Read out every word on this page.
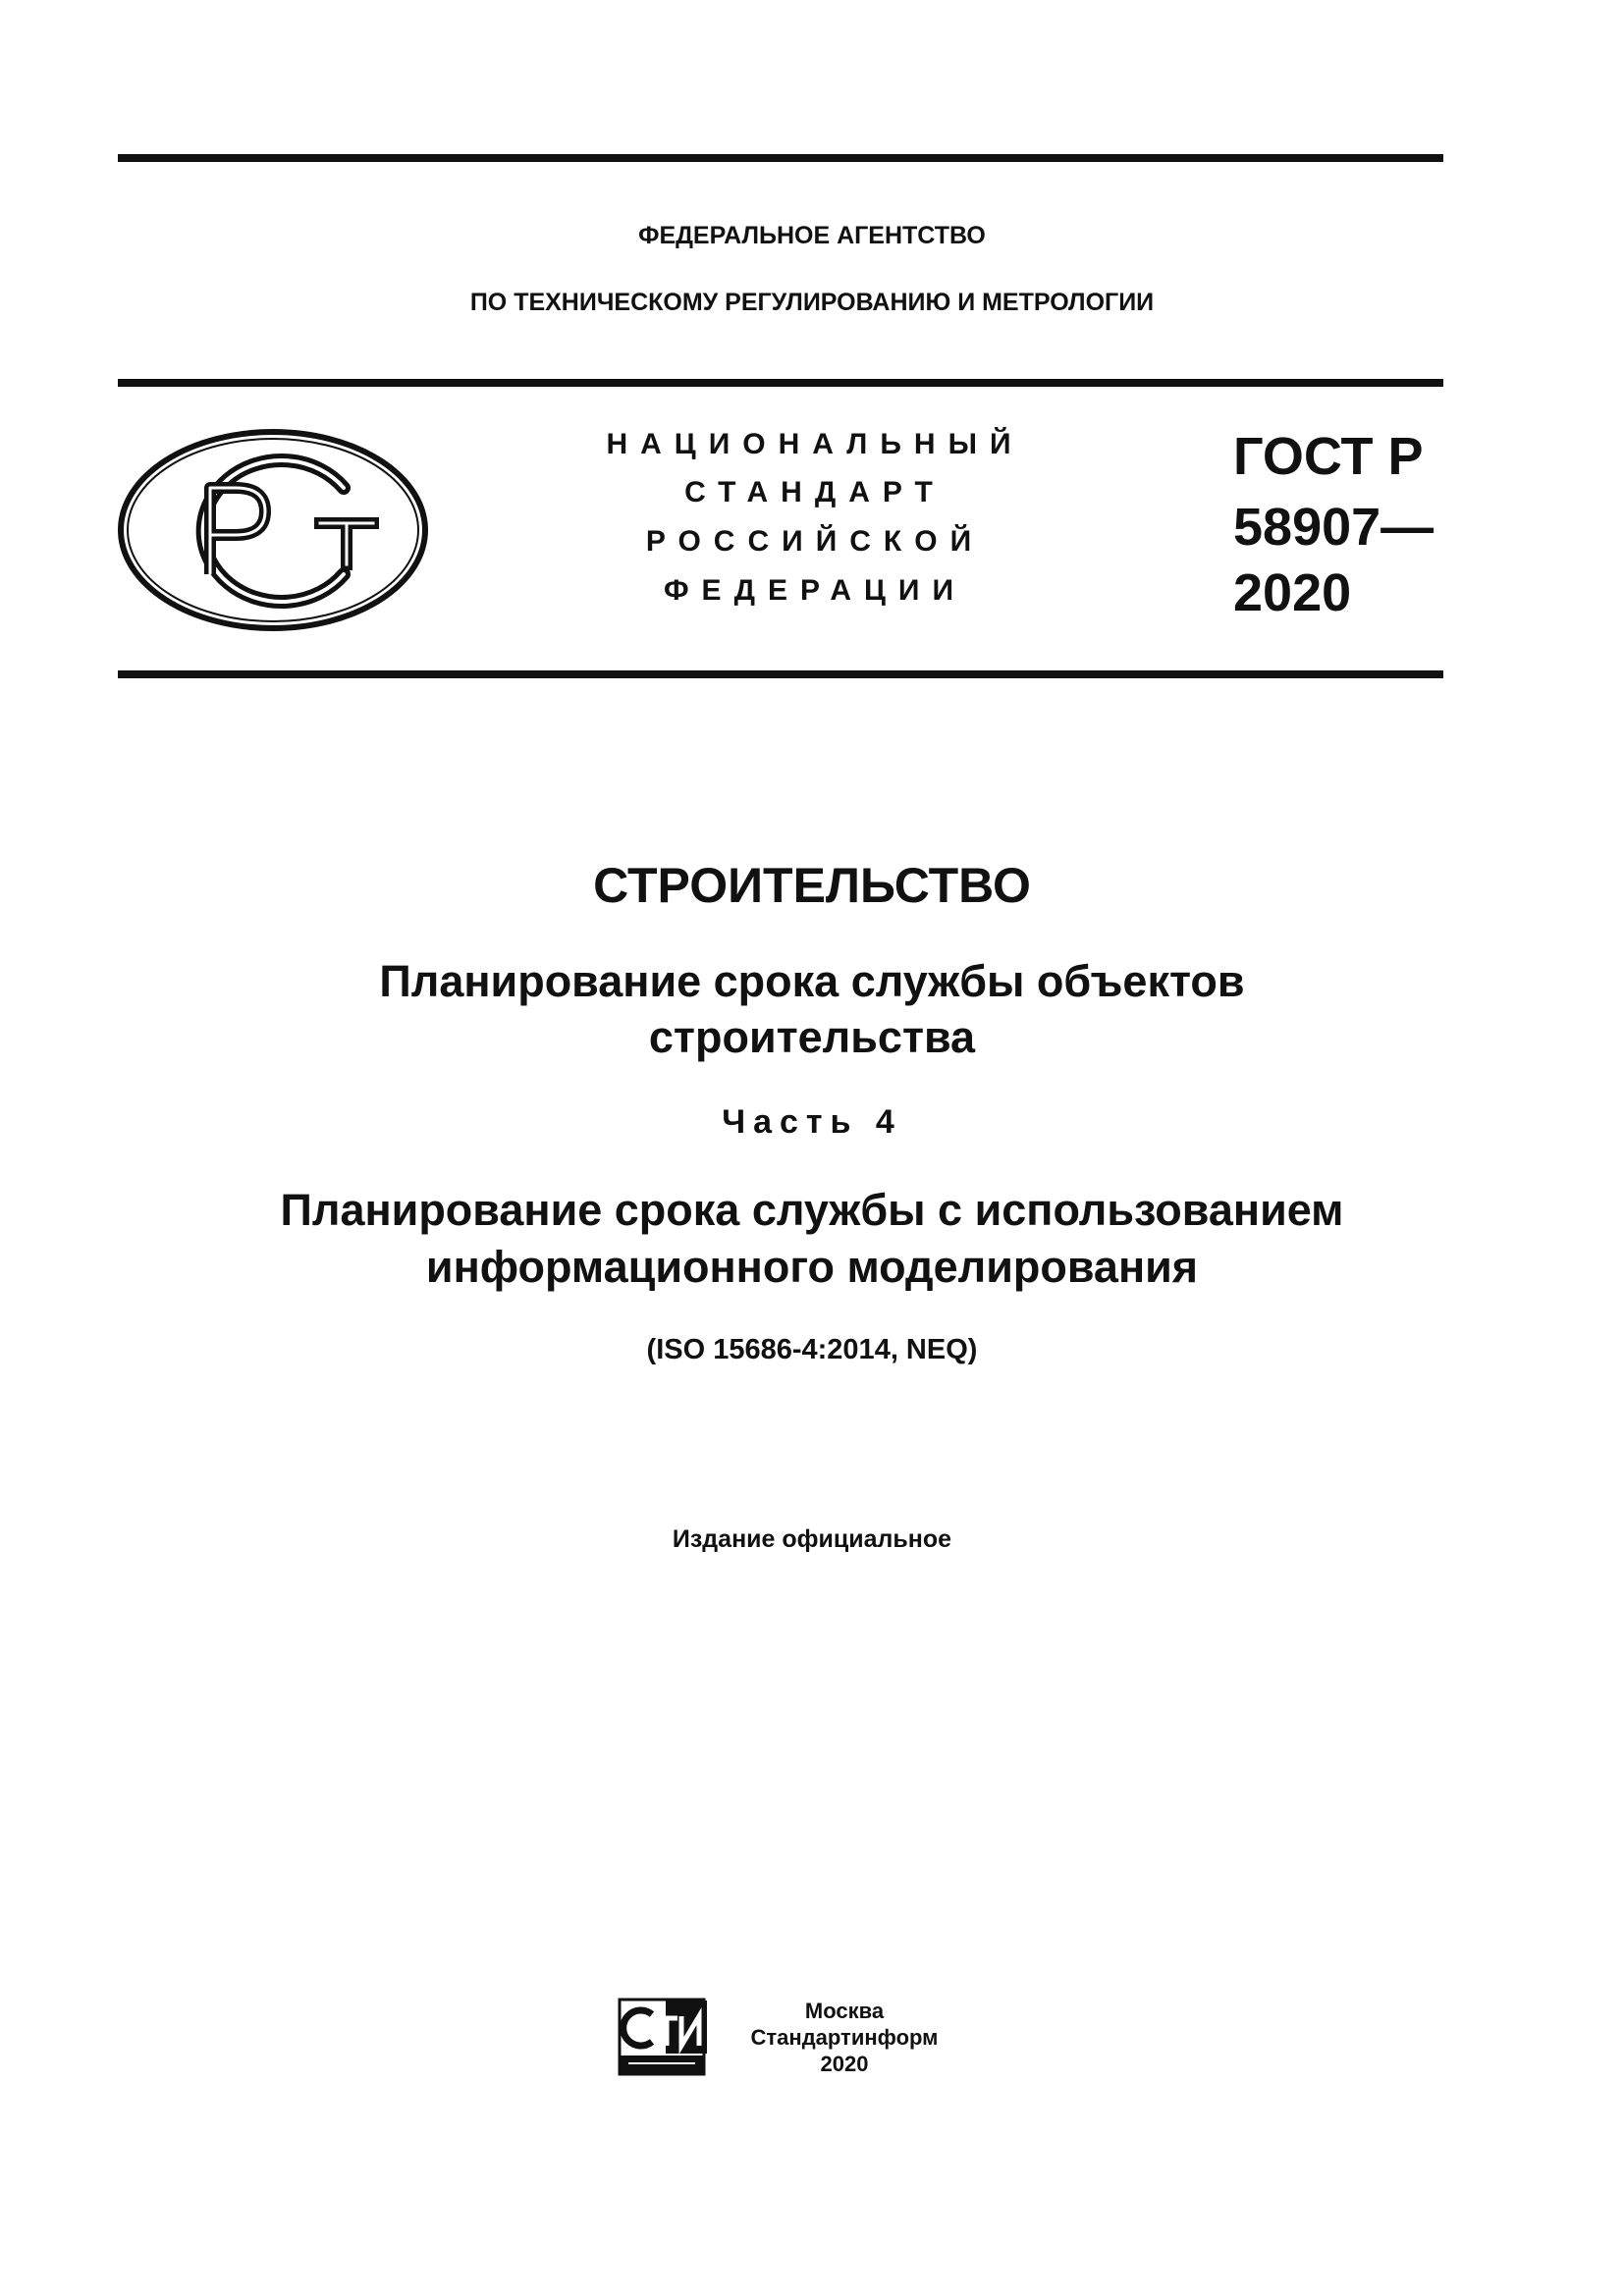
ФЕДЕРАЛЬНОЕ АГЕНТСТВО
ПО ТЕХНИЧЕСКОМУ РЕГУЛИРОВАНИЮ И МЕТРОЛОГИИ
НАЦИОНАЛЬНЫЙ
СТАНДАРТ
РОССИЙСКОЙ
ФЕДЕРАЦИИ
ГОСТ Р
58907—
2020
СТРОИТЕЛЬСТВО
Планирование срока службы объектов
строительства
Часть 4
Планирование срока службы с использованием
информационного моделирования
(ISO 15686-4:2014, NEQ)
Издание официальное
Москва
Стандартинформ
2020
